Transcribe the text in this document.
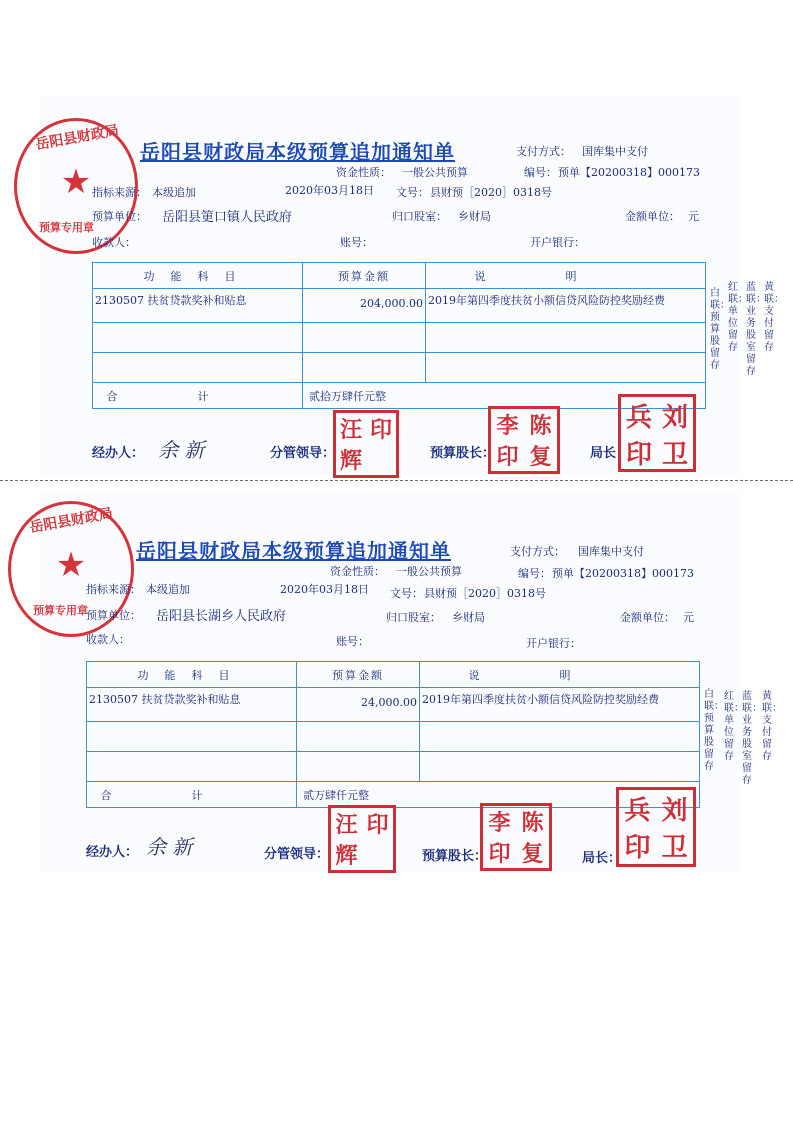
★
岳阳县财政局
预算专用章
岳阳县财政局本级预算追加通知单	支付方式： 国库集中支付
资金性质： 一般公共预算	编号： 预单【20200318】000173
指标来源： 本级追加	2020年03月18日 文号： 县财预［2020］0318号
预算单位： 岳阳县筻口镇人民政府	归口股室： 乡财局	金额单位： 元
收款人：	账号：	开户银行：
功能科目	预算金额	说明
2130507 扶贫贷款奖补和贴息	204,000.00	2019年第四季度扶贫小额信贷风险防控奖励经费

合计	贰拾万肆仟元整	
白联：预算股留存
红联：单位留存
蓝联：业务股室留存
黄联：支付留存
经办人： 余 新	分管领导：	预算股长：	局长：
汪 印
辉
李 陈
印 复
兵 刘
印 卫
★
岳阳县财政局
预算专用章
岳阳县财政局本级预算追加通知单	支付方式： 国库集中支付
资金性质： 一般公共预算	编号： 预单【20200318】000173
指标来源： 本级追加	2020年03月18日 文号： 县财预［2020］0318号
预算单位： 岳阳县长湖乡人民政府	归口股室： 乡财局	金额单位： 元
收款人：	账号：	开户银行：
功能科目	预算金额	说明
2130507 扶贫贷款奖补和贴息	24,000.00	2019年第四季度扶贫小额信贷风险防控奖励经费

合计	贰万肆仟元整	
白联：预算股留存
红联：单位留存
蓝联：业务股室留存
黄联：支付留存
经办人： 余 新	分管领导：	预算股长：	局长：
汪 印
辉
李 陈
印 复
兵 刘
印 卫
